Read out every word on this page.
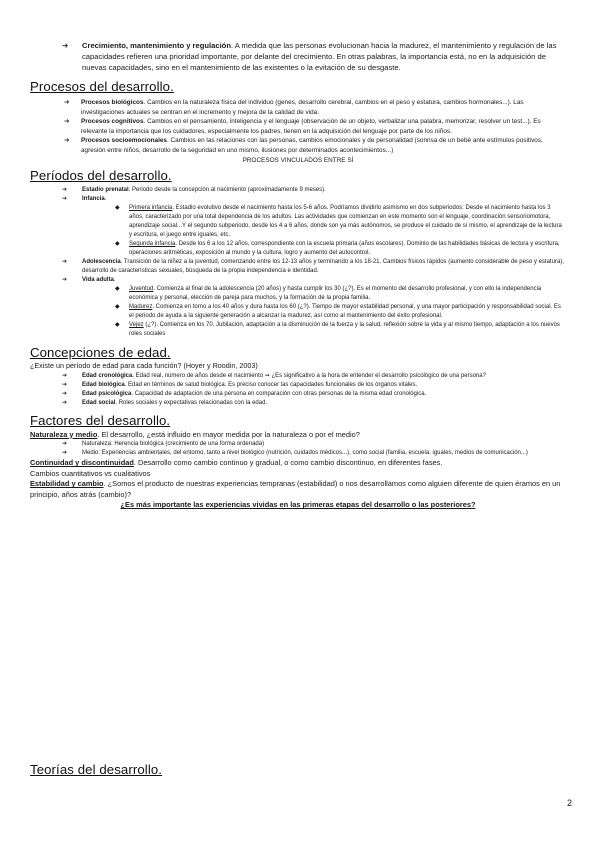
➔	Crecimiento, mantenimiento y regulación. A medida que las personas evolucionan hacia la madurez, el mantenimiento y regulación de las capacidades refieren una prioridad importante, por delante del crecimiento. En otras palabras, la importancia está, no en la adquisición de nuevas capacidades, sino en el mantenimiento de las existentes o la evitación de su desgaste.
Procesos del desarrollo.
➔	Procesos biológicos. Cambios en la naturaleza física del individuo (genes, desarrollo cerebral, cambios en el peso y estatura, cambios hormonales...). Las investigaciones actuales se centran en el incremento y mejora de la calidad de vida.
➔	Procesos cognitivos. Cambios en el pensamiento, inteligencia y el lenguaje (observación de un objeto, verbalizar una palabra, memorizar, resolver un test...). Es relevante la importancia que los cuidadores, especialmente los padres, tienen en la adquisición del lenguaje por parte de los niños.
➔	Procesos socioemocionales. Cambios en las relaciones con las personas, cambios emocionales y de personalidad (sonrisa de un bebé ante estímulos positivos, agresión entre niños, desarrollo de la seguridad en uno mismo, ilusiones por determinados acontecimientos...)
PROCESOS VINCULADOS ENTRE SÍ
Períodos del desarrollo.
➔	Estadio prenatal. Periodo desde la concepción al nacimiento (aproximadamente 9 meses).
➔	Infancia.
◆	Primera infancia. Estadio evolutivo desde el nacimiento hasta los 5-6 años. Podríamos dividirlo asimismo en dos subperiodos: Desde el nacimiento hasta los 3 años, caracterizado por una total dependencia de los adultos. Las actividades que comienzan en este momento son el lenguaje, coordinación sensoriomotora, aprendizaje social...Y el segundo subperiodo, desde los 4 a 6 años, donde son ya más autónomos, se produce el cuidado de sí mismo, el aprendizaje de la lectura y escritura, el juego entre iguales, etc.
◆	Segunda infancia. Desde los 6 a los 12 años, correspondiente con la escuela primaria (años escolares). Dominio de las habilidades básicas de lectura y escritura, operaciones aritméticas, exposición al mundo y la cultura, logro y aumento del autocontrol.
➔	Adolescencia. Transición de la niñez a la juventud, comenzando entre los 12-13 años y terminando a los 18-21. Cambios físicos rápidos (aumento considerable de peso y estatura), desarrollo de características sexuales, búsqueda de la propia independencia e identidad.
➔	Vida adulta.
◆	Juventud. Comienza al final de la adolescencia (20 años) y hasta cumplir los 30 (¿?). Es el momento del desarrollo profesional, y con ello la independencia económica y personal, elección de pareja para muchos, y la formación de la propia familia.
◆	Madurez. Comienza en torno a los 40 años y dura hasta los 60 (¿?). Tiempo de mayor estabilidad personal, y una mayor participación y responsabilidad social. Es el periodo de ayuda a la siguiente generación a alcanzar la madurez, así como al mantenimiento del éxito profesional.
◆	Vejez (¿?). Comienza en los 70. Jubilación, adaptación a la disminución de la fuerza y la salud, reflexión sobre la vida y al mismo tiempo, adaptación a los nuevos roles sociales
Concepciones de edad.
¿Existe un período de edad para cada función? (Hoyer y Roodin, 2003)
➔	Edad cronológica. Edad real, número de años desde el nacimiento ➞ ¿Es significativo a la hora de entender el desarrollo psicológico de una persona?
➔	Edad biológica. Edad en términos de salud biológica. Es preciso conocer las capacidades funcionales de los órganos vitales.
➔	Edad psicológica. Capacidad de adaptación de una persona en comparación con otras personas de la misma edad cronológica.
➔	Edad social. Roles sociales y expectativas relacionadas con la edad.
Factores del desarrollo.
Naturaleza y medio. El desarrollo, ¿está influido en mayor medida por la naturaleza o por el medio?
➔	Naturaleza: Herencia biológica (crecimiento de una forma ordenada)
➔	Medio: Experiencias ambientales, del entorno, tanto a nivel biológico (nutrición, cuidados médicos...), como social (familia, escuela, iguales, medios de comunicación...)
Continuidad y discontinuidad. Desarrollo como cambio continuo y gradual, o como cambio discontinuo, en diferentes fases.
Cambios cuantitativos vs cualitativos
Estabilidad y cambio. ¿Somos el producto de nuestras experiencias tempranas (estabilidad) o nos desarrollamos como alguien diferente de quien éramos en un principio, años atrás (cambio)?
¿Es más importante las experiencias vividas en las primeras etapas del desarrollo o las posteriores?
Teorías del desarrollo.
2
